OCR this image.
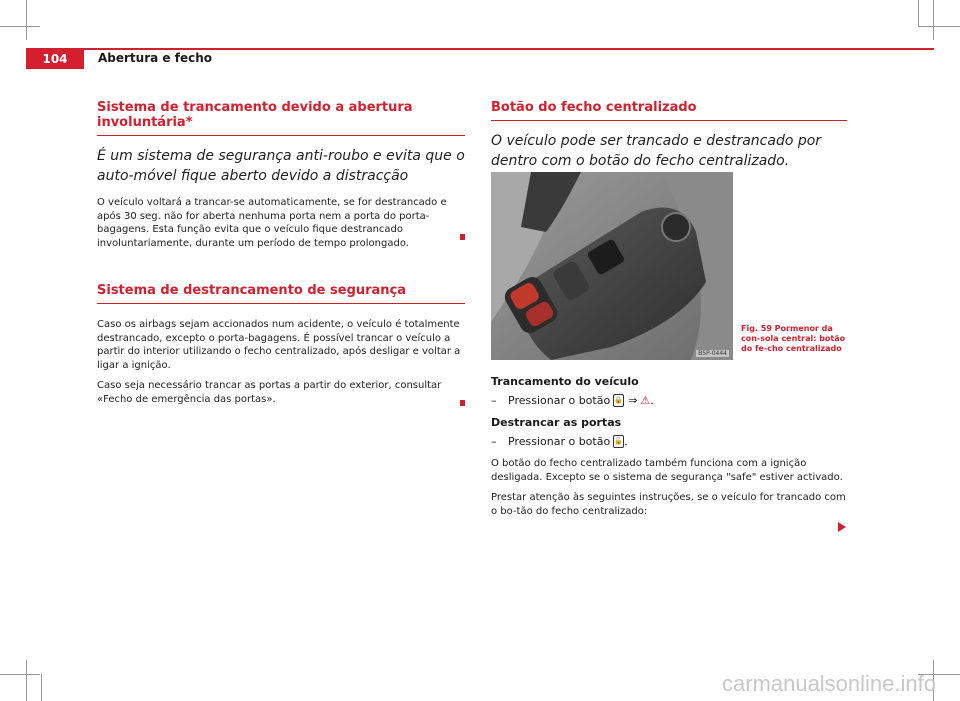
104	Abertura e fecho
Sistema de trancamento devido a abertura involuntária*

É um sistema de segurança anti-roubo e evita que o auto-móvel fique aberto devido a distracção

O veículo voltará a trancar-se automaticamente, se for destrancado e após 30 seg. não for aberta nenhuma porta nem a porta do porta-bagagens. Esta função evita que o veículo fique destrancado involuntariamente, durante um período de tempo prolongado.

Sistema de destrancamento de segurança

Caso os airbags sejam accionados num acidente, o veículo é totalmente destrancado, excepto o porta-bagagens. É possível trancar o veículo a partir do interior utilizando o fecho centralizado, após desligar e voltar a ligar a ignição.

Caso seja necessário trancar as portas a partir do exterior, consultar «Fecho de emergência das portas».

Botão do fecho centralizado

O veículo pode ser trancado e destrancado por dentro com o botão do fecho centralizado.

B5P-0444
Fig. 59 Pormenor da con-sola central: botão do fe-cho centralizado

Trancamento do veículo

–	Pressionar o botão 🔒 ⇒ ⚠ .

Destrancar as portas

–	Pressionar o botão 🔓 .

O botão do fecho centralizado também funciona com a ignição desligada. Excepto se o sistema de segurança "safe" estiver activado.

Prestar atenção às seguintes instruções, se o veículo for trancado com o bo-tão do fecho centralizado:

carmanualsonline.info
